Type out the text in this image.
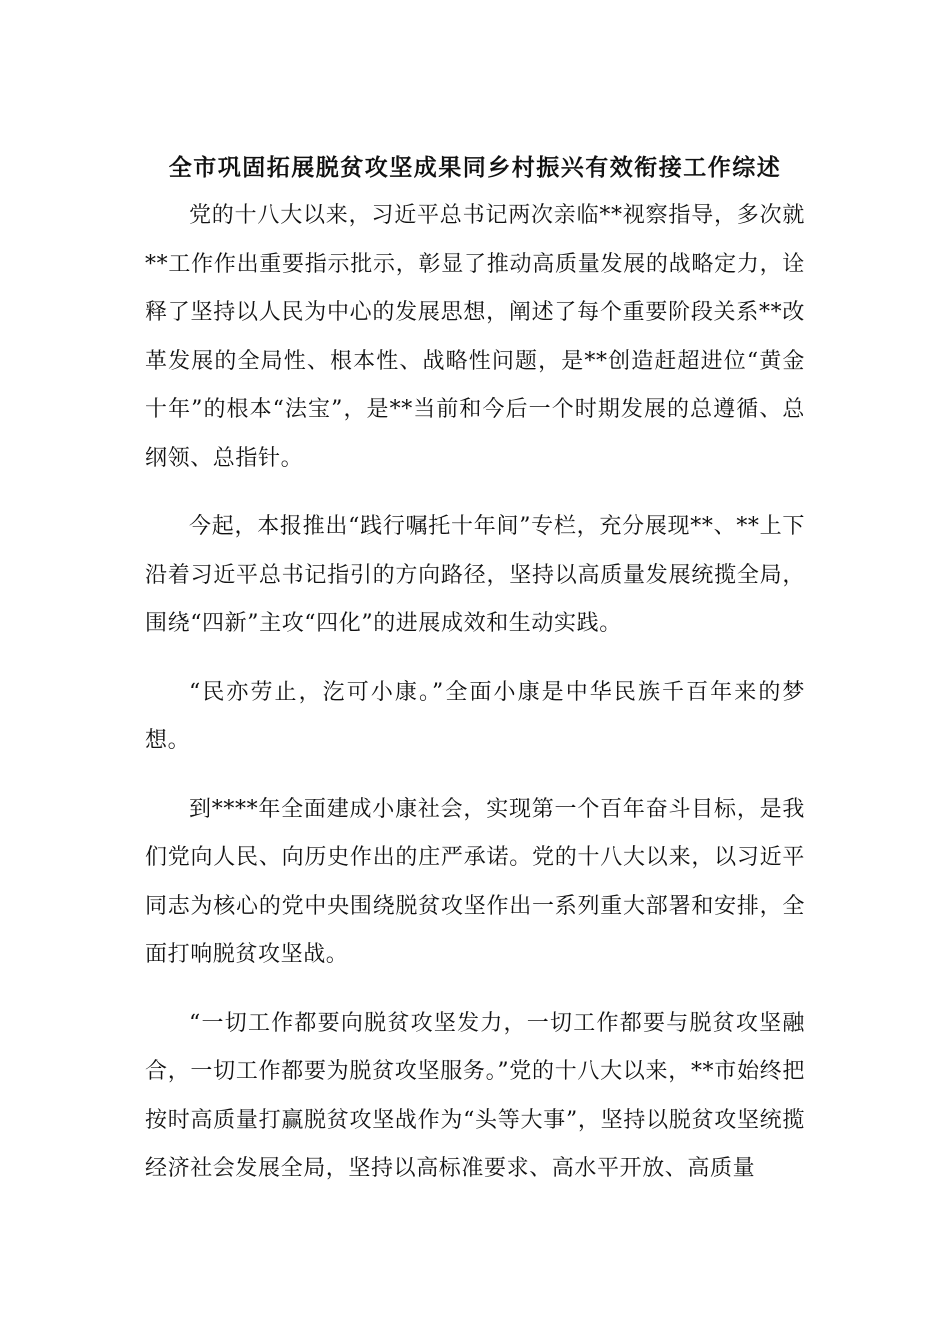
全市巩固拓展脱贫攻坚成果同乡村振兴有效衔接工作综述

党的十八大以来，习近平总书记两次亲临**视察指导，多次就**工作作出重要指示批示，彰显了推动高质量发展的战略定力，诠释了坚持以人民为中心的发展思想，阐述了每个重要阶段关系**改革发展的全局性、根本性、战略性问题，是**创造赶超进位“黄金十年”的根本“法宝”，是**当前和今后一个时期发展的总遵循、总纲领、总指针。

今起，本报推出“践行嘱托十年间”专栏，充分展现**、**上下沿着习近平总书记指引的方向路径，坚持以高质量发展统揽全局，围绕“四新”主攻“四化”的进展成效和生动实践。

“民亦劳止，汔可小康。”全面小康是中华民族千百年来的梦想。

到****年全面建成小康社会，实现第一个百年奋斗目标，是我们党向人民、向历史作出的庄严承诺。党的十八大以来，以习近平同志为核心的党中央围绕脱贫攻坚作出一系列重大部署和安排，全面打响脱贫攻坚战。

“一切工作都要向脱贫攻坚发力，一切工作都要与脱贫攻坚融合，一切工作都要为脱贫攻坚服务。”党的十八大以来，**市始终把按时高质量打赢脱贫攻坚战作为“头等大事”，坚持以脱贫攻坚统揽经济社会发展全局，坚持以高标准要求、高水平开放、高质量
